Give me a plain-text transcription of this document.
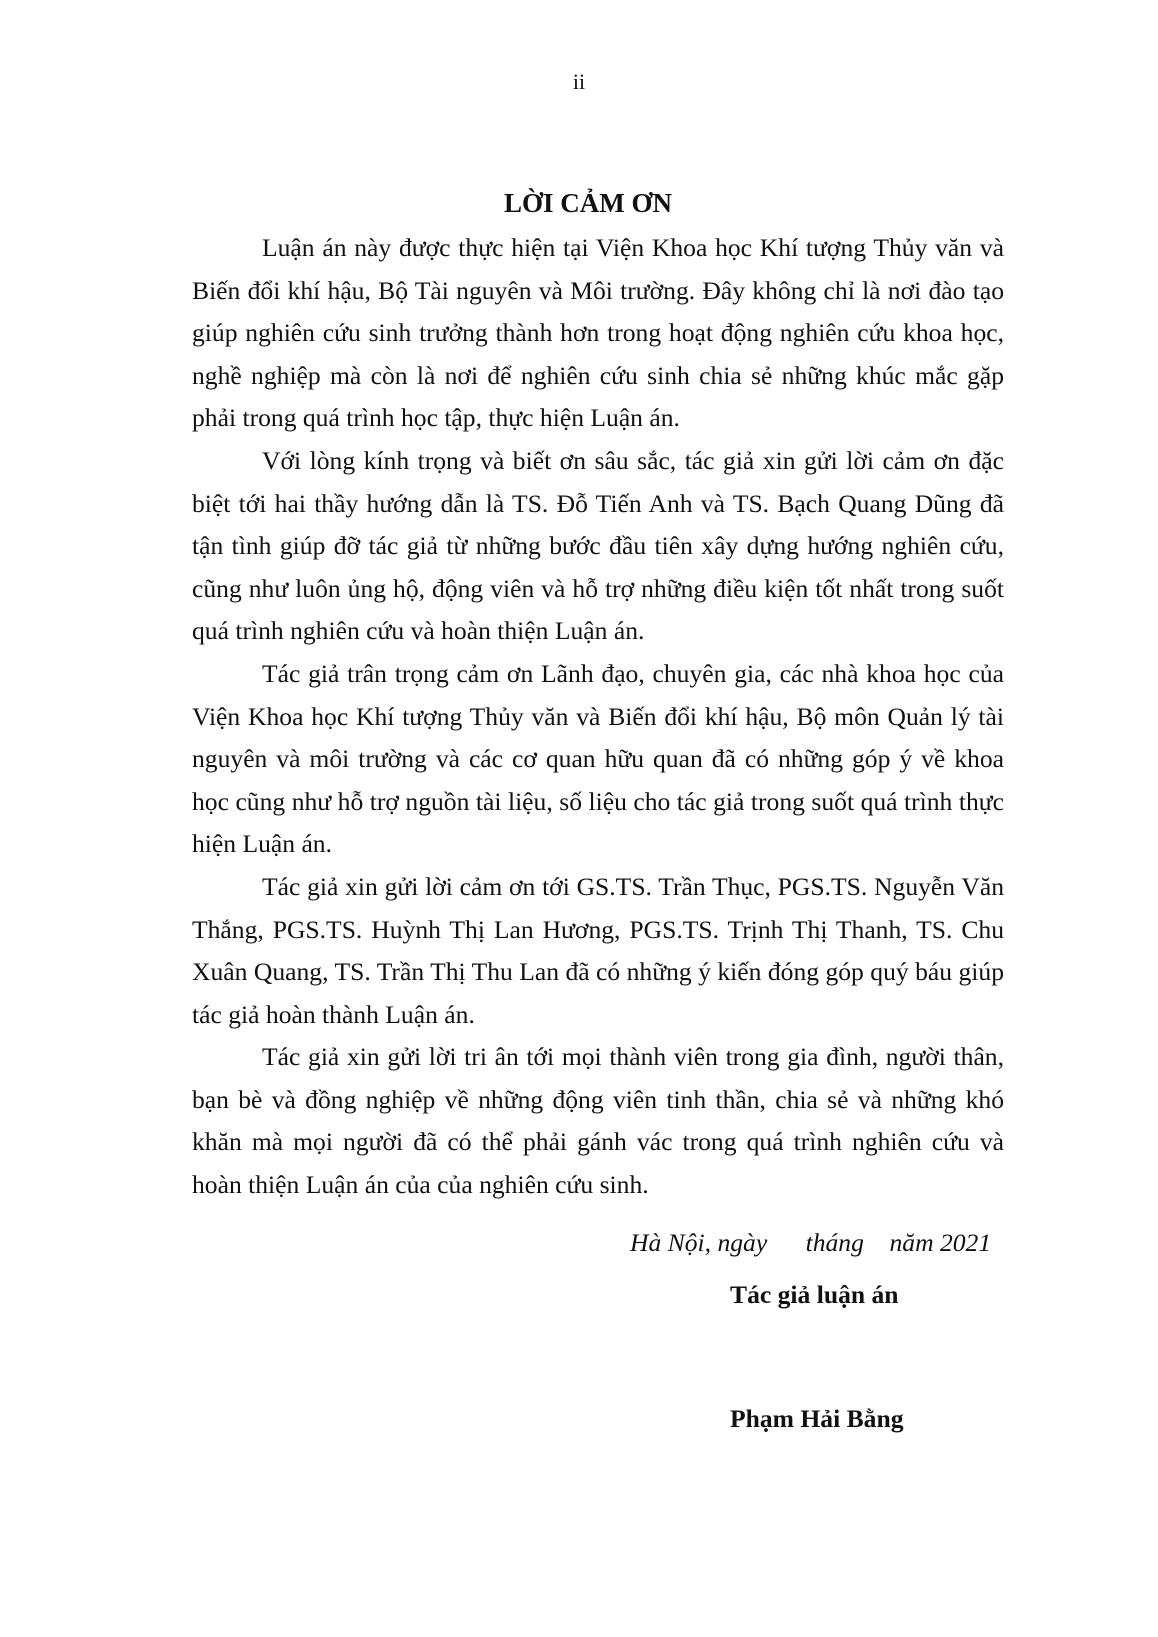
ii
LỜI CẢM ƠN

Luận án này được thực hiện tại Viện Khoa học Khí tượng Thủy văn và Biến đổi khí hậu, Bộ Tài nguyên và Môi trường. Đây không chỉ là nơi đào tạo giúp nghiên cứu sinh trưởng thành hơn trong hoạt động nghiên cứu khoa học, nghề nghiệp mà còn là nơi để nghiên cứu sinh chia sẻ những khúc mắc gặp phải trong quá trình học tập, thực hiện Luận án.

Với lòng kính trọng và biết ơn sâu sắc, tác giả xin gửi lời cảm ơn đặc biệt tới hai thầy hướng dẫn là TS. Đỗ Tiến Anh và TS. Bạch Quang Dũng đã tận tình giúp đỡ tác giả từ những bước đầu tiên xây dựng hướng nghiên cứu, cũng như luôn ủng hộ, động viên và hỗ trợ những điều kiện tốt nhất trong suốt quá trình nghiên cứu và hoàn thiện Luận án.

Tác giả trân trọng cảm ơn Lãnh đạo, chuyên gia, các nhà khoa học của Viện Khoa học Khí tượng Thủy văn và Biến đổi khí hậu, Bộ môn Quản lý tài nguyên và môi trường và các cơ quan hữu quan đã có những góp ý về khoa học cũng như hỗ trợ nguồn tài liệu, số liệu cho tác giả trong suốt quá trình thực hiện Luận án.

Tác giả xin gửi lời cảm ơn tới GS.TS. Trần Thục, PGS.TS. Nguyễn Văn Thắng, PGS.TS. Huỳnh Thị Lan Hương, PGS.TS. Trịnh Thị Thanh, TS. Chu Xuân Quang, TS. Trần Thị Thu Lan đã có những ý kiến đóng góp quý báu giúp tác giả hoàn thành Luận án.

Tác giả xin gửi lời tri ân tới mọi thành viên trong gia đình, người thân, bạn bè và đồng nghiệp về những động viên tinh thần, chia sẻ và những khó khăn mà mọi người đã có thể phải gánh vác trong quá trình nghiên cứu và hoàn thiện Luận án của của nghiên cứu sinh.

Hà Nội, ngày      tháng    năm 2021
Tác giả luận án
Phạm Hải Bằng
